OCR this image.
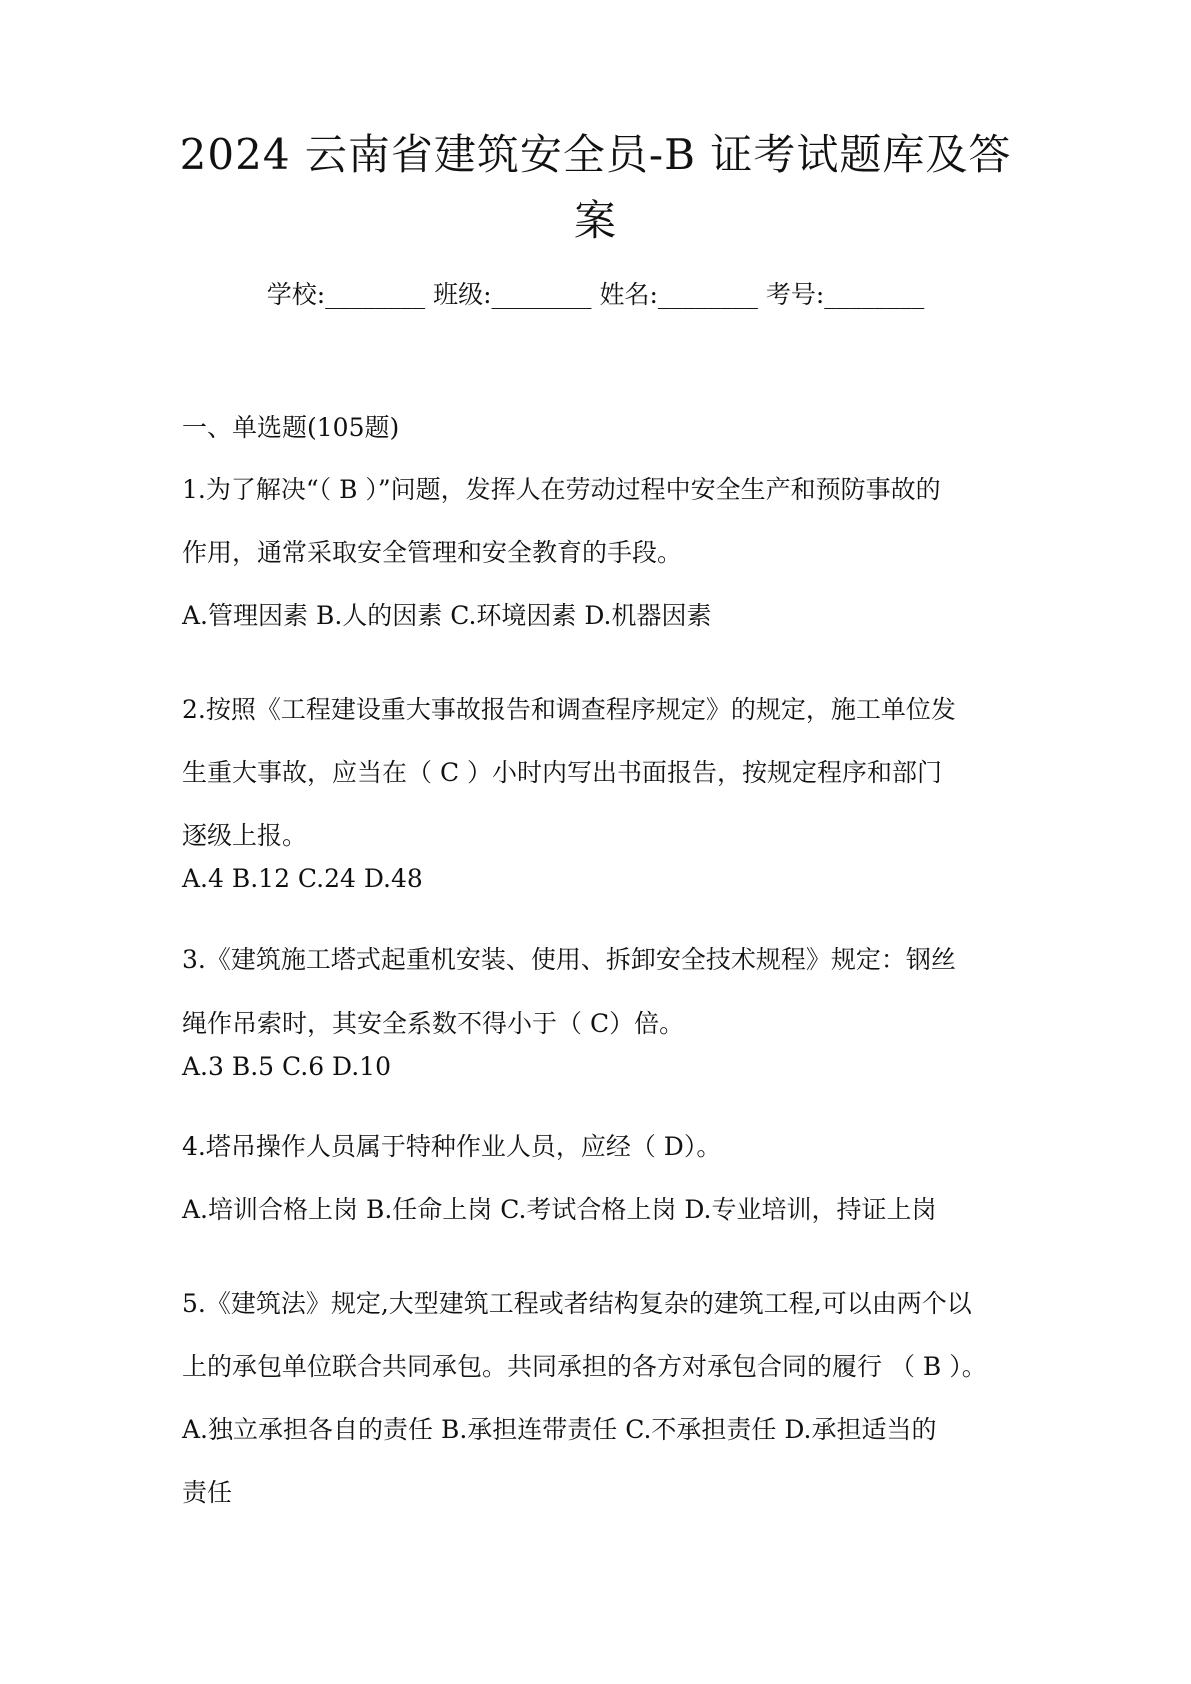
2024 云南省建筑安全员-B 证考试题库及答
案
学校:________ 班级:________ 姓名:________ 考号:________
一、单选题(105题)
1.为了解决“（ B ）”问题，发挥人在劳动过程中安全生产和预防事故的
作用，通常采取安全管理和安全教育的手段。
A.管理因素 B.人的因素 C.环境因素 D.机器因素
2.按照《工程建设重大事故报告和调查程序规定》的规定，施工单位发
生重大事故，应当在（ C ）小时内写出书面报告，按规定程序和部门
逐级上报。
A.4 B.12 C.24 D.48
3.《建筑施工塔式起重机安装、使用、拆卸安全技术规程》规定：钢丝
绳作吊索时，其安全系数不得小于（ C）倍。
A.3 B.5 C.6 D.10
4.塔吊操作人员属于特种作业人员，应经（ D）。
A.培训合格上岗 B.任命上岗 C.考试合格上岗 D.专业培训，持证上岗
5.《建筑法》规定,大型建筑工程或者结构复杂的建筑工程,可以由两个以
上的承包单位联合共同承包。共同承担的各方对承包合同的履行 （ B ）。
A.独立承担各自的责任 B.承担连带责任 C.不承担责任 D.承担适当的
责任
